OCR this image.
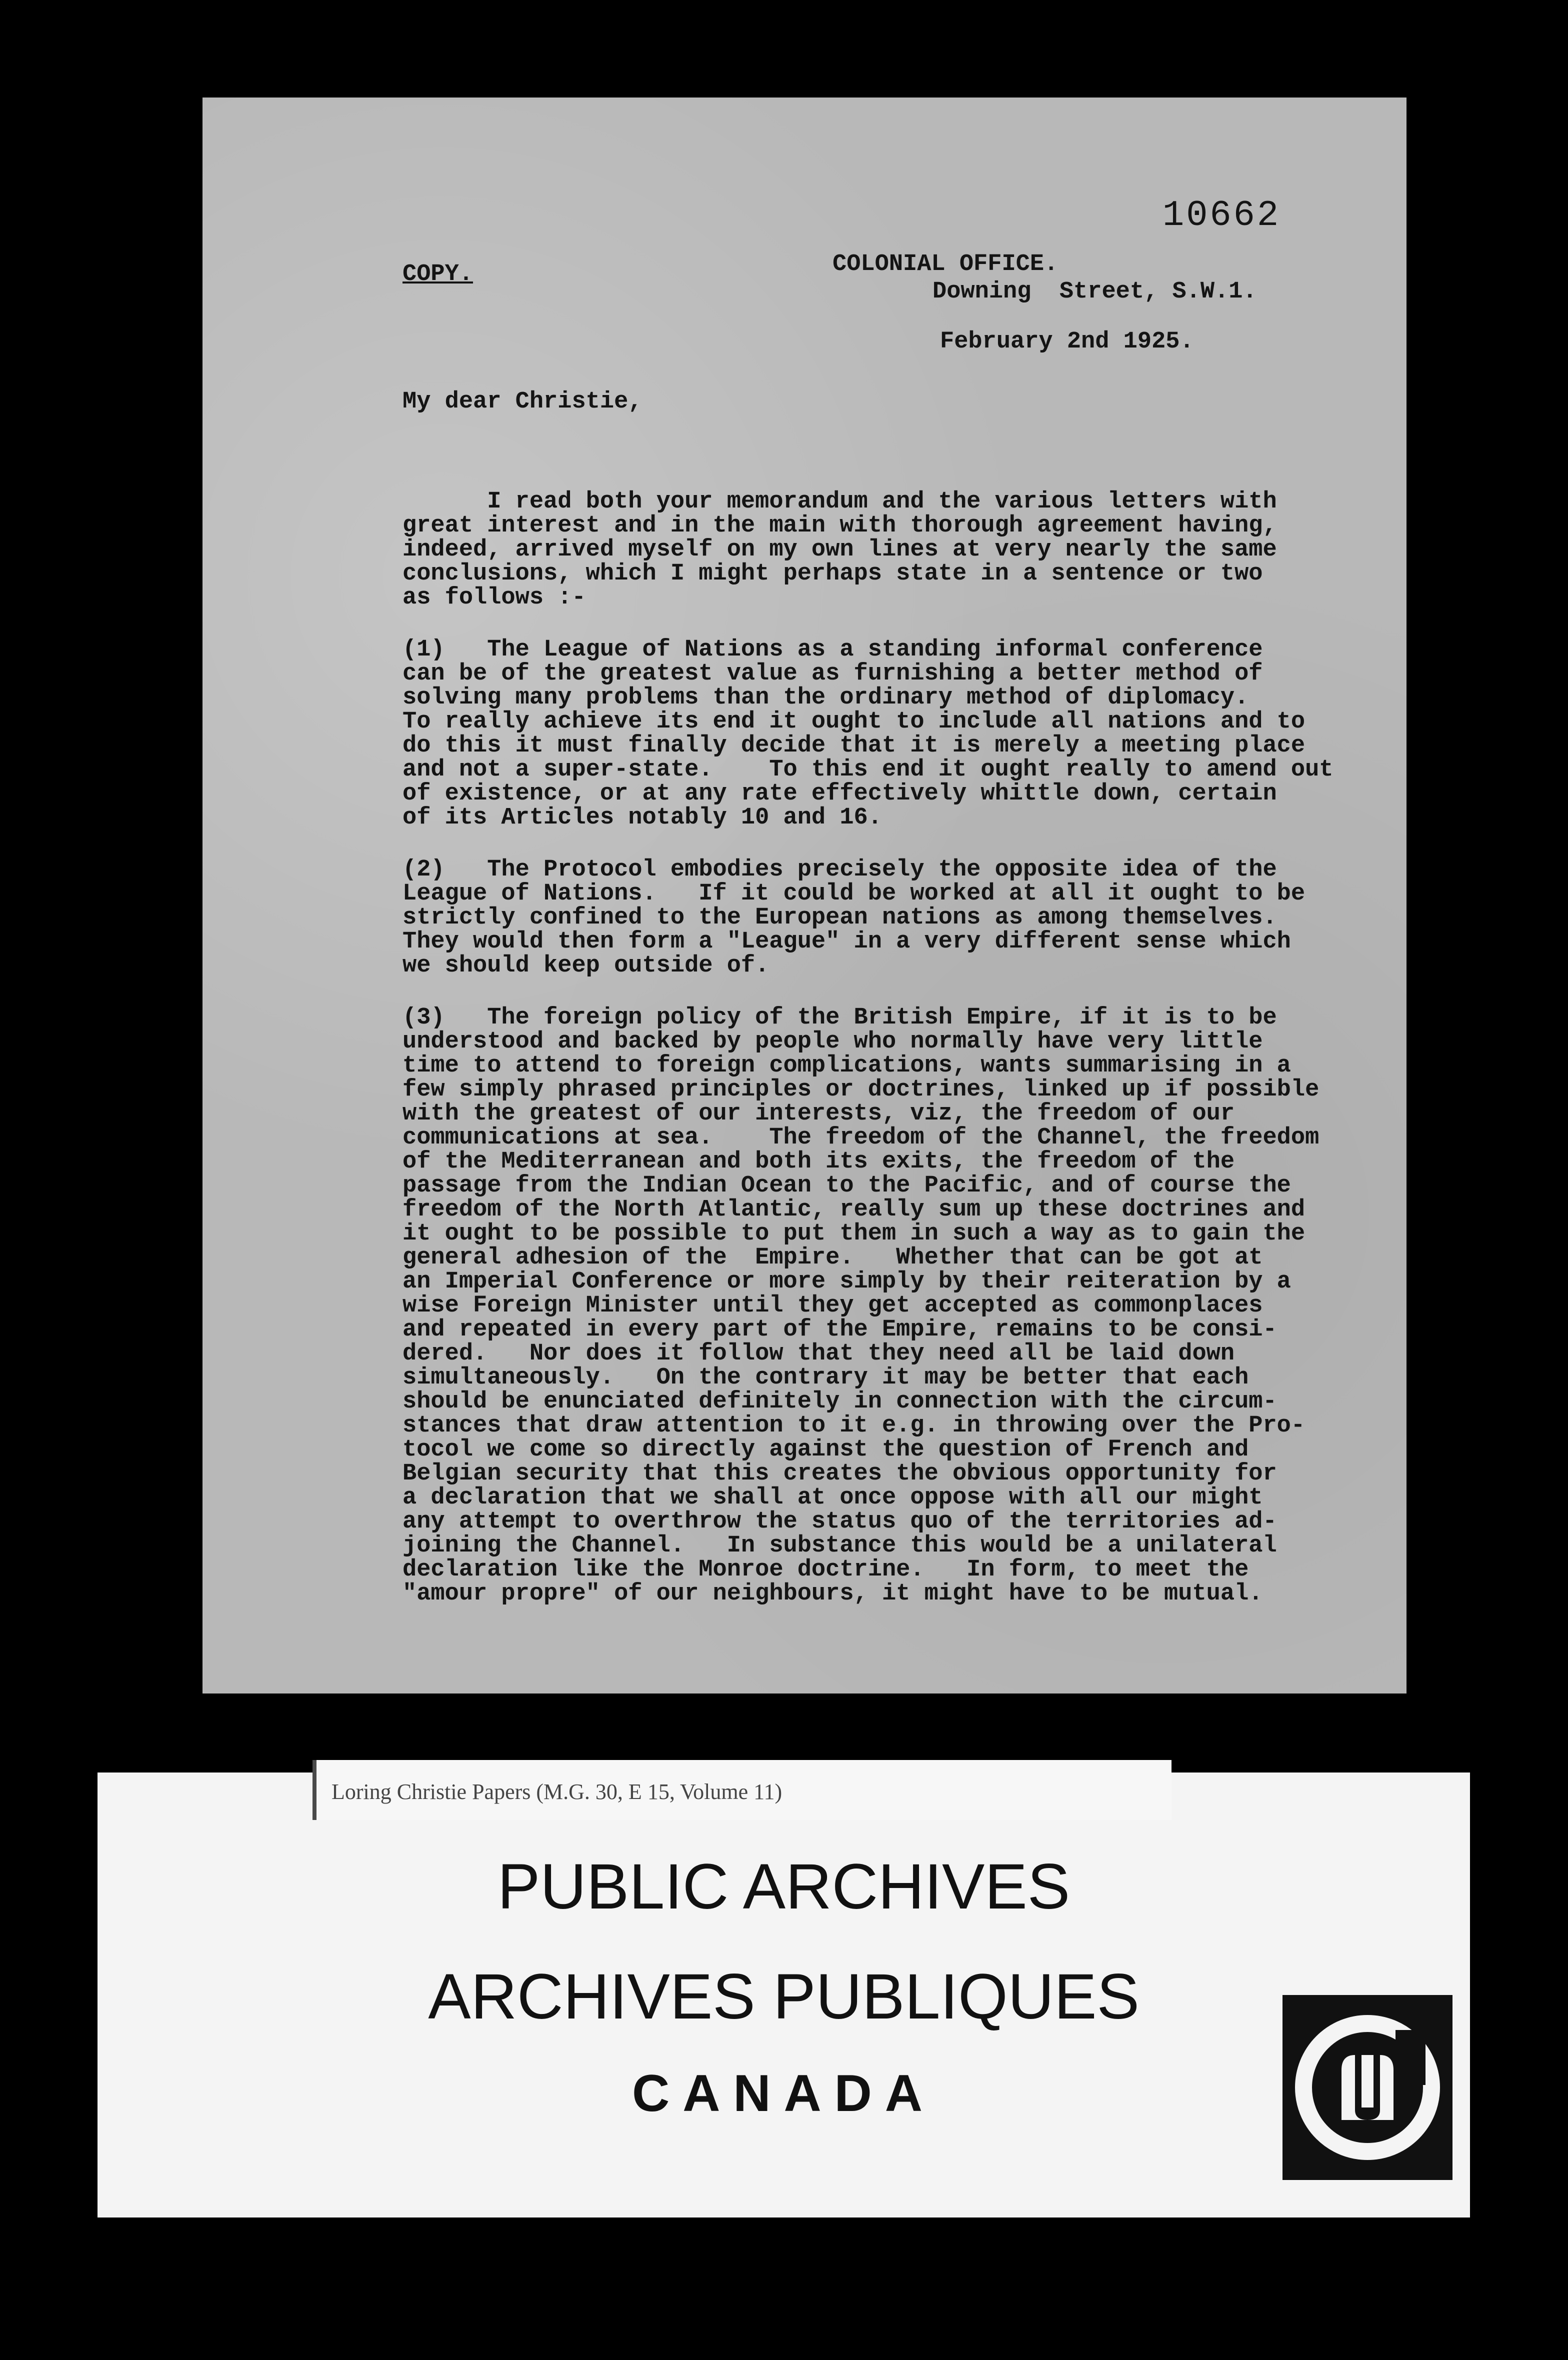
10662
COPY.	COLONIAL OFFICE.
Downing  Street, S.W.1.
February 2nd 1925.
My dear Christie,
I read both your memorandum and the various letters with
great interest and in the main with thorough agreement having,
indeed, arrived myself on my own lines at very nearly the same
conclusions, which I might perhaps state in a sentence or two
as follows :-
(1)   The League of Nations as a standing informal conference
can be of the greatest value as furnishing a better method of
solving many problems than the ordinary method of diplomacy.
To really achieve its end it ought to include all nations and to
do this it must finally decide that it is merely a meeting place
and not a super-state.    To this end it ought really to amend out
of existence, or at any rate effectively whittle down, certain
of its Articles notably 10 and 16.
(2)   The Protocol embodies precisely the opposite idea of the
League of Nations.   If it could be worked at all it ought to be
strictly confined to the European nations as among themselves.
They would then form a "League" in a very different sense which
we should keep outside of.
(3)   The foreign policy of the British Empire, if it is to be
understood and backed by people who normally have very little
time to attend to foreign complications, wants summarising in a
few simply phrased principles or doctrines, linked up if possible
with the greatest of our interests, viz, the freedom of our
communications at sea.    The freedom of the Channel, the freedom
of the Mediterranean and both its exits, the freedom of the
passage from the Indian Ocean to the Pacific, and of course the
freedom of the North Atlantic, really sum up these doctrines and
it ought to be possible to put them in such a way as to gain the
general adhesion of the  Empire.   Whether that can be got at
an Imperial Conference or more simply by their reiteration by a
wise Foreign Minister until they get accepted as commonplaces
and repeated in every part of the Empire, remains to be consi-
dered.   Nor does it follow that they need all be laid down
simultaneously.   On the contrary it may be better that each
should be enunciated definitely in connection with the circum-
stances that draw attention to it e.g. in throwing over the Pro-
tocol we come so directly against the question of French and
Belgian security that this creates the obvious opportunity for
a declaration that we shall at once oppose with all our might
any attempt to overthrow the status quo of the territories ad-
joining the Channel.   In substance this would be a unilateral
declaration like the Monroe doctrine.   In form, to meet the
"amour propre" of our neighbours, it might have to be mutual.
PUBLIC ARCHIVES
ARCHIVES PUBLIQUES
CANADA
Loring Christie Papers (M.G. 30, E 15, Volume 11)
